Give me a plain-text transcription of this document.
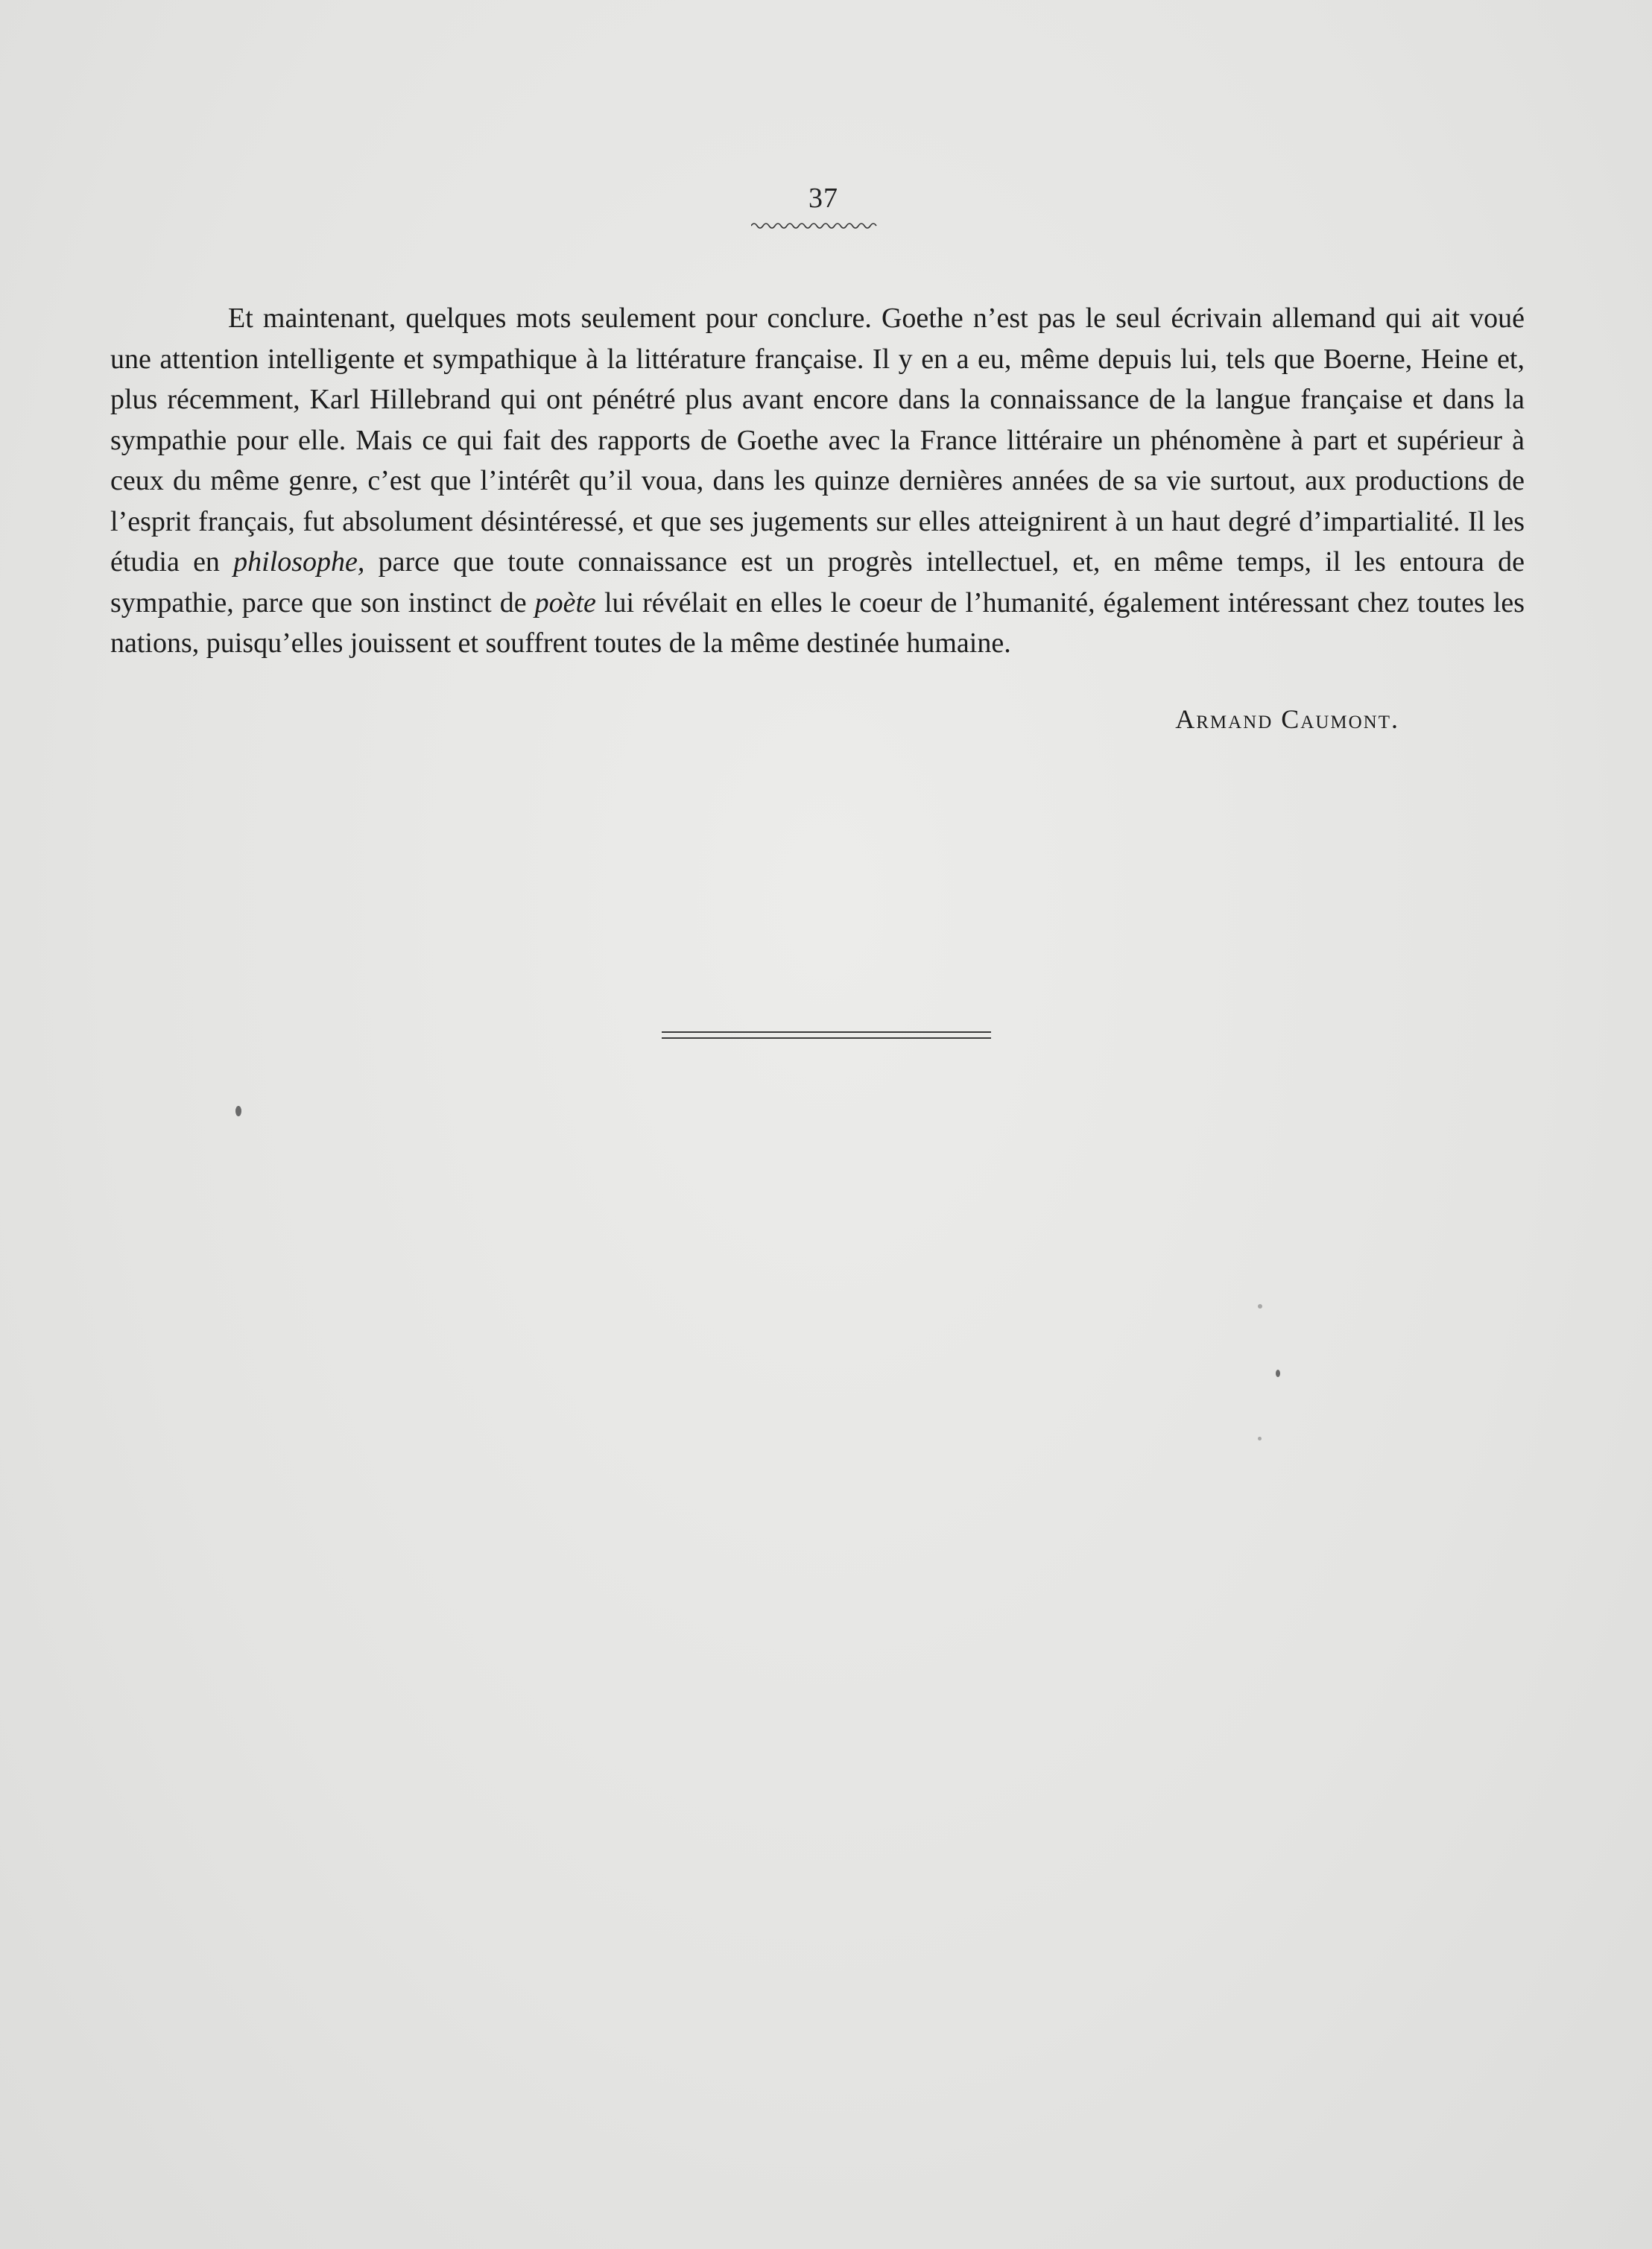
37

Et maintenant, quelques mots seulement pour conclure. Goethe n’est pas le seul écrivain allemand qui ait voué une attention intelligente et sympathique à la littérature française. Il y en a eu, même depuis lui, tels que Boerne, Heine et, plus récemment, Karl Hillebrand qui ont pénétré plus avant encore dans la connaissance de la langue française et dans la sympathie pour elle. Mais ce qui fait des rapports de Goethe avec la France littéraire un phénomène à part et supérieur à ceux du même genre, c’est que l’intérêt qu’il voua, dans les quinze dernières années de sa vie surtout, aux productions de l’esprit français, fut absolument désintéressé, et que ses jugements sur elles atteignirent à un haut degré d’impartialité. Il les étudia en philosophe, parce que toute connaissance est un progrès intellectuel, et, en même temps, il les entoura de sympathie, parce que son instinct de poète lui révélait en elles le coeur de l’humanité, également intéressant chez toutes les nations, puisqu’elles jouissent et souffrent toutes de la même destinée humaine.

Armand Caumont.
